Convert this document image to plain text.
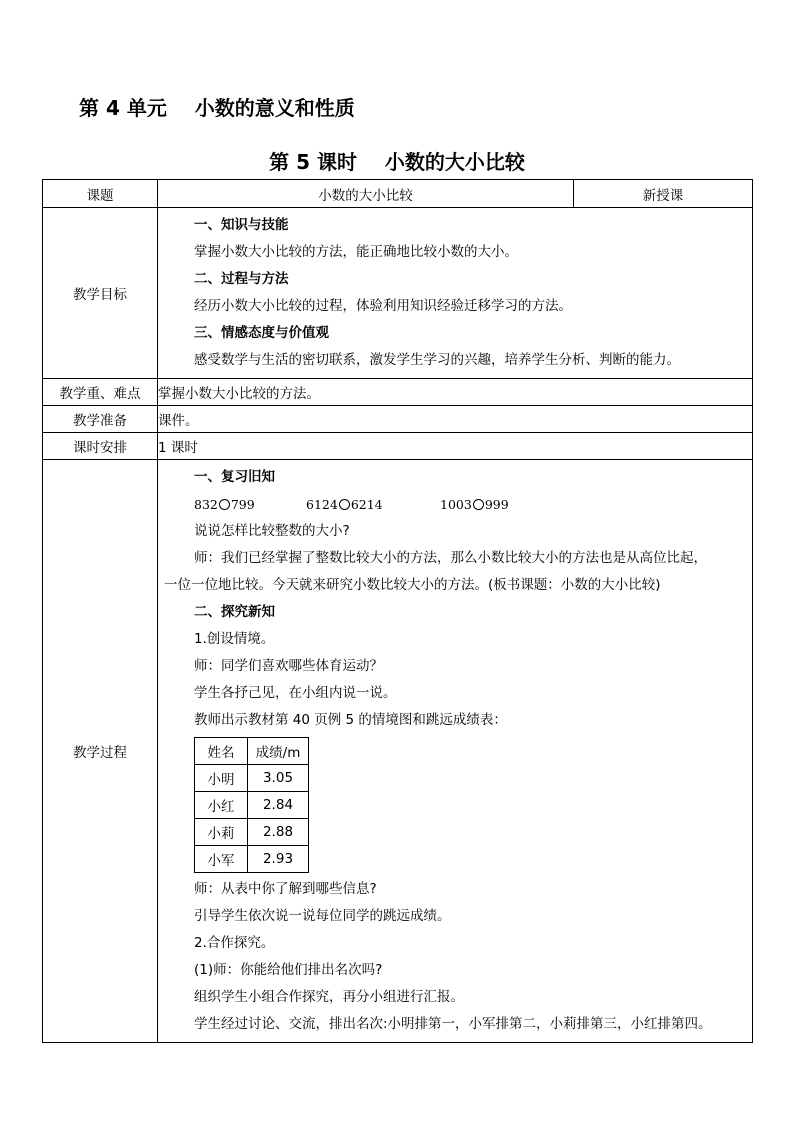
第 4 单元    小数的意义和性质
第 5 课时    小数的大小比较
课题	小数的大小比较	新授课
教学目标	

一、知识与技能

掌握小数大小比较的方法，能正确地比较小数的大小。

二、过程与方法

经历小数大小比较的过程，体验利用知识经验迁移学习的方法。

三、情感态度与价值观

感受数学与生活的密切联系，激发学生学习的兴趣，培养学生分析、判断的能力。

教学重、难点	掌握小数大小比较的方法。
教学准备	课件。
课时安排	1 课时
教学过程	

一、复习旧知

832 799	6124 6214	1003 999

说说怎样比较整数的大小?

师：我们已经掌握了整数比较大小的方法，那么小数比较大小的方法也是从高位比起，

一位一位地比较。今天就来研究小数比较大小的方法。(板书课题：小数的大小比较)

二、探究新知

1.创设情境。

师：同学们喜欢哪些体育运动？

学生各抒己见，在小组内说一说。

教师出示教材第 40 页例 5 的情境图和跳远成绩表：

姓名	成绩/m
小明	3.05
小红	2.84
小莉	2.88
小军	2.93

师：从表中你了解到哪些信息?

引导学生依次说一说每位同学的跳远成绩。

2.合作探究。

(1)师：你能给他们排出名次吗?

组织学生小组合作探究，再分小组进行汇报。

学生经过讨论、交流，排出名次:小明排第一，小军排第二，小莉排第三，小红排第四。
